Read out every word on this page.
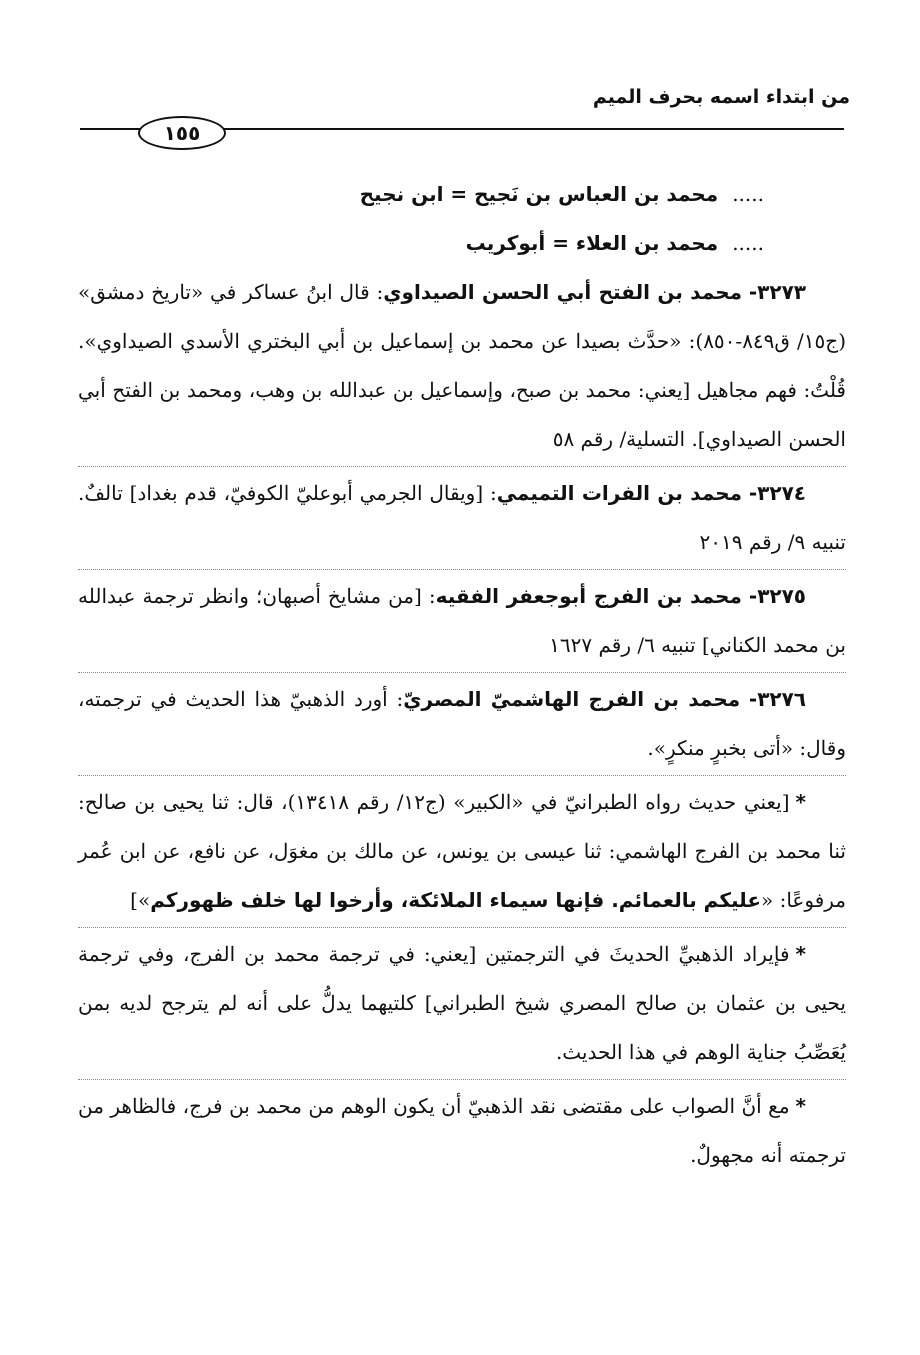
من ابتداء اسمه بحرف الميم
١٥٥

.....محمد بن العباس بن نَجيح = ابن نجيح

.....محمد بن العلاء = أبوكريب

٣٢٧٣- محمد بن الفتح أبي الحسن الصيداوي: قال ابنُ عساكر في «تاريخ دمشق» (ج١٥/ ق٨٤٩-٨٥٠): «حدَّث بصيدا عن محمد بن إسماعيل بن أبي البختري الأسدي الصيداوي». قُلْتُ: فهم مجاهيل [يعني: محمد بن صبح، وإسماعيل بن عبدالله بن وهب، ومحمد بن الفتح أبي الحسن الصيداوي]. التسلية/ رقم ٥٨

٣٢٧٤- محمد بن الفرات التميمي: [ويقال الجرمي أبوعليّ الكوفيّ، قدم بغداد] تالفٌ. تنبيه ٩/ رقم ٢٠١٩

٣٢٧٥- محمد بن الفرج أبوجعفر الفقيه: [من مشايخ أصبهان؛ وانظر ترجمة عبدالله بن محمد الكناني] تنبيه ٦/ رقم ١٦٢٧

٣٢٧٦- محمد بن الفرج الهاشميّ المصريّ: أورد الذهبيّ هذا الحديث في ترجمته، وقال: «أتى بخبرٍ منكرٍ».

*[يعني حديث رواه الطبرانيّ في «الكبير» (ج١٢/ رقم ١٣٤١٨)، قال: ثنا يحيى بن صالح: ثنا محمد بن الفرج الهاشمي: ثنا عيسى بن يونس، عن مالك بن مغوَل، عن نافع، عن ابن عُمر مرفوعًا: «عليكم بالعمائم. فإنها سيماء الملائكة، وأرخوا لها خلف ظهوركم»]

*فإيراد الذهبيِّ الحديثَ في الترجمتين [يعني: في ترجمة محمد بن الفرج، وفي ترجمة يحيى بن عثمان بن صالح المصري شيخ الطبراني] كلتيهما يدلُّ على أنه لم يترجح لديه بمن يُعَصِّبُ جناية الوهم في هذا الحديث.

*مع أنَّ الصواب على مقتضى نقد الذهبيّ أن يكون الوهم من محمد بن فرج، فالظاهر من ترجمته أنه مجهولٌ.
